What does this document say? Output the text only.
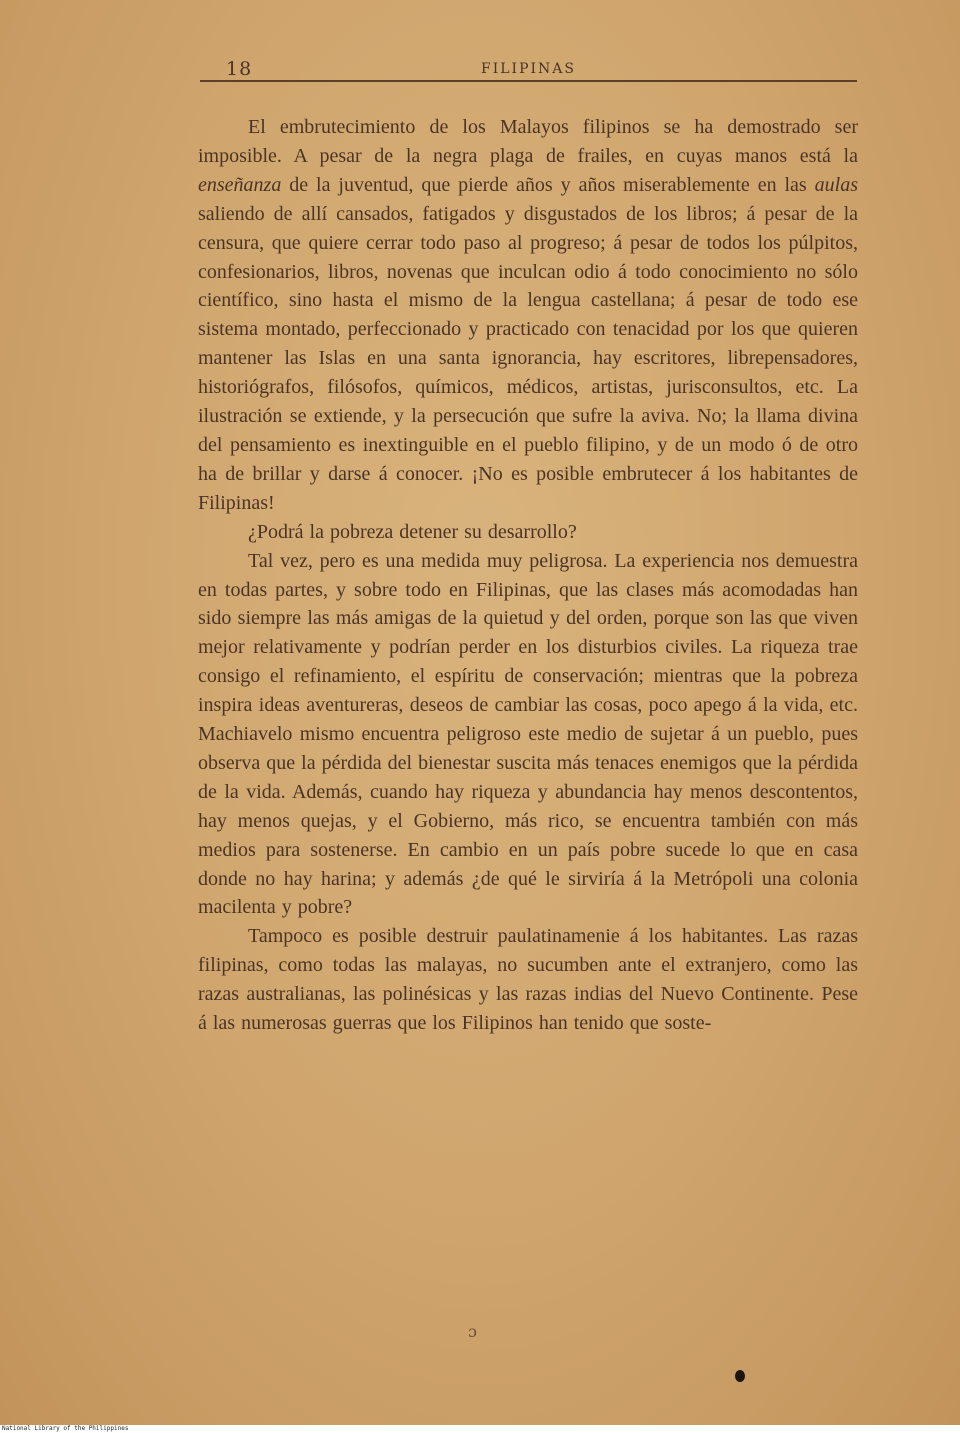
18	FILIPINAS

El embrutecimiento de los Malayos filipinos se ha demostrado ser imposible. A pesar de la negra plaga de frailes, en cuyas manos está la enseñanza de la juventud, que pierde años y años miserablemente en las aulas saliendo de allí cansados, fatigados y disgustados de los libros; á pesar de la censura, que quiere cerrar todo paso al progreso; á pesar de todos los púlpitos, confesionarios, libros, novenas que inculcan odio á todo conocimiento no sólo científico, sino hasta el mismo de la lengua castellana; á pesar de todo ese sistema montado, perfeccionado y practicado con tenacidad por los que quieren mantener las Islas en una santa ignorancia, hay escritores, librepensadores, historiógrafos, filósofos, químicos, médicos, artistas, jurisconsultos, etc. La ilustración se extiende, y la persecución que sufre la aviva. No; la llama divina del pensamiento es inextinguible en el pueblo filipino, y de un modo ó de otro ha de brillar y darse á conocer. ¡No es posible embrutecer á los habitantes de Filipinas!

¿Podrá la pobreza detener su desarrollo?

Tal vez, pero es una medida muy peligrosa. La experiencia nos demuestra en todas partes, y sobre todo en Filipinas, que las clases más acomodadas han sido siempre las más amigas de la quietud y del orden, porque son las que viven mejor relativamente y podrían perder en los disturbios civiles. La riqueza trae consigo el refinamiento, el espíritu de conservación; mientras que la pobreza inspira ideas aventureras, deseos de cambiar las cosas, poco apego á la vida, etc. Machiavelo mismo encuentra peligroso este medio de sujetar á un pueblo, pues observa que la pérdida del bienestar suscita más tenaces enemigos que la pérdida de la vida. Además, cuando hay riqueza y abundancia hay menos descontentos, hay menos quejas, y el Gobierno, más rico, se encuentra también con más medios para sostenerse. En cambio en un país pobre sucede lo que en casa donde no hay harina; y además ¿de qué le sirviría á la Metrópoli una colonia macilenta y pobre?

Tampoco es posible destruir paulatinamenie á los habitantes. Las razas filipinas, como todas las malayas, no sucumben ante el extranjero, como las razas australianas, las polinésicas y las razas indias del Nuevo Continente. Pese á las numerosas guerras que los Filipinos han tenido que soste-

ɔ
National Library of the Philippines
